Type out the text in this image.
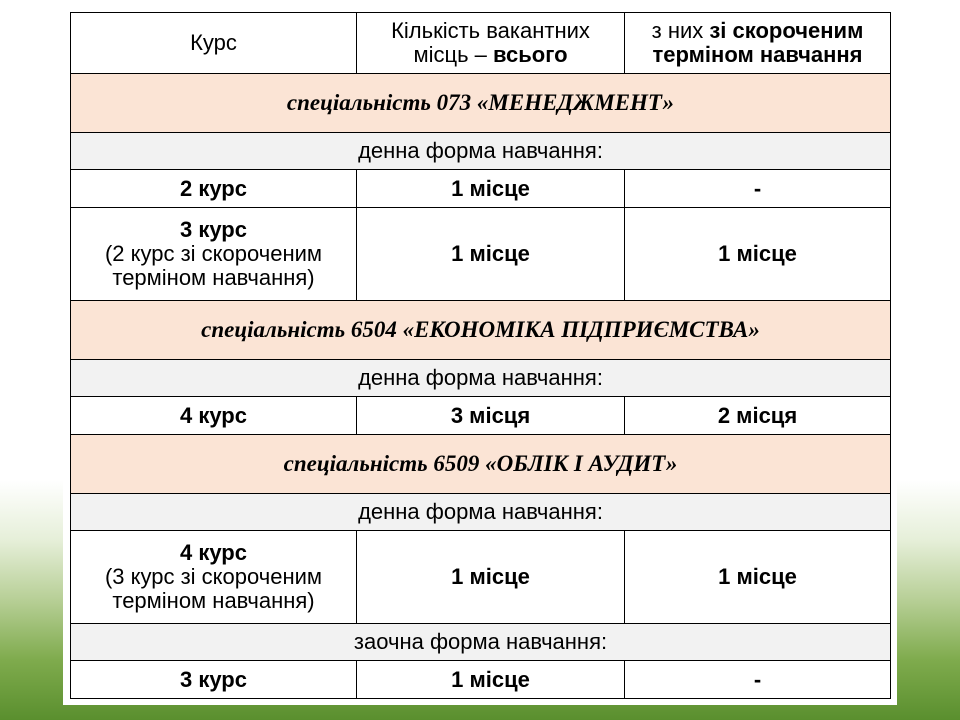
Курс	Кількість вакантних місць – всього	з них зі скороченим терміном навчання
спеціальність 073 «МЕНЕДЖМЕНТ»		
денна форма навчання:		
2 курс	1 місце	-

3 курс
(2 курс зі скороченим терміном навчання)	1 місце	1 місце
спеціальність 6504 «ЕКОНОМІКА ПІДПРИЄМСТВА»		
денна форма навчання:		
4 курс	3 місця	2 місця
спеціальність 6509 «ОБЛІК І АУДИТ»		
денна форма навчання:		

4 курс
(3 курс зі скороченим терміном навчання)	1 місце	1 місце
заочна форма навчання:		
3 курс	1 місце	-
